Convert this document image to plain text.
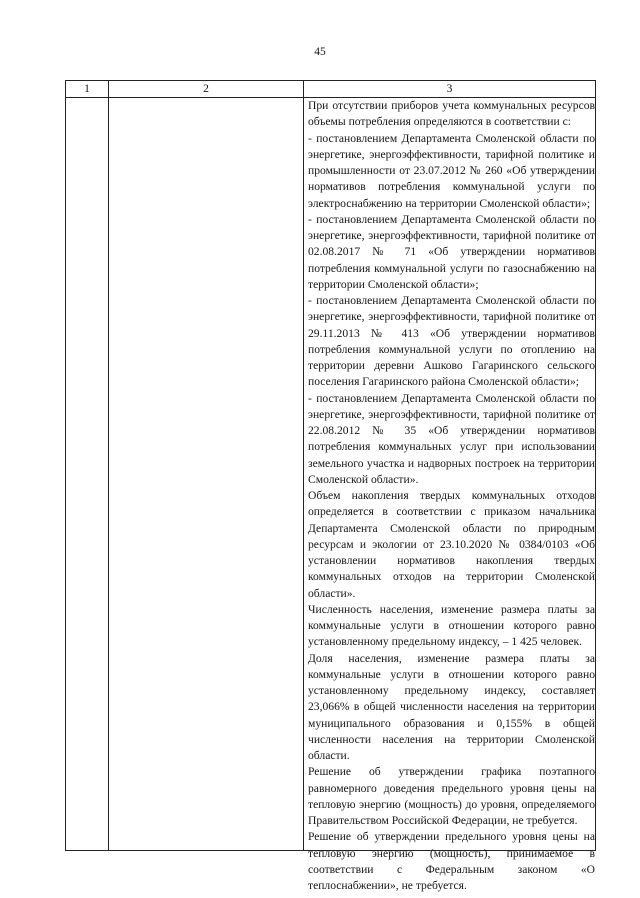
45
1	2	3

При отсутствии приборов учета коммунальных ресурсов объемы потребления определяются в соответствии с:

- постановлением Департамента Смоленской области по энергетике, энергоэффективности, тарифной политике и промышленности от 23.07.2012 № 260 «Об утверждении нормативов потребления коммунальной услуги по электроснабжению на территории Смоленской области»;

- постановлением Департамента Смоленской области по энергетике, энергоэффективности, тарифной политике от 02.08.2017 № 71 «Об утверждении нормативов потребления коммунальной услуги по газоснабжению на территории Смоленской области»;

- постановлением Департамента Смоленской области по энергетике, энергоэффективности, тарифной политике от 29.11.2013 № 413 «Об утверждении нормативов потребления коммунальной услуги по отоплению на территории деревни Ашково Гагаринского сельского поселения Гагаринского района Смоленской области»;

- постановлением Департамента Смоленской области по энергетике, энергоэффективности, тарифной политике от 22.08.2012 № 35 «Об утверждении нормативов потребления коммунальных услуг при использовании земельного участка и надворных построек на территории Смоленской области».

Объем накопления твердых коммунальных отходов определяется в соответствии с приказом начальника Департамента Смоленской области по природным ресурсам и экологии от 23.10.2020 № 0384/0103 «Об установлении нормативов накопления твердых коммунальных отходов на территории Смоленской области».

Численность населения, изменение размера платы за коммунальные услуги в отношении которого равно установленному предельному индексу, – 1 425 человек.

Доля населения, изменение размера платы за коммунальные услуги в отношении которого равно установленному предельному индексу, составляет 23,066% в общей численности населения на территории муниципального образования и 0,155% в общей численности населения на территории Смоленской области.

Решение об утверждении графика поэтапного равномерного доведения предельного уровня цены на тепловую энергию (мощность) до уровня, определяемого Правительством Российской Федерации, не требуется.

Решение об утверждении предельного уровня цены на тепловую энергию (мощность), принимаемое в соответствии с Федеральным законом «О теплоснабжении», не требуется.
